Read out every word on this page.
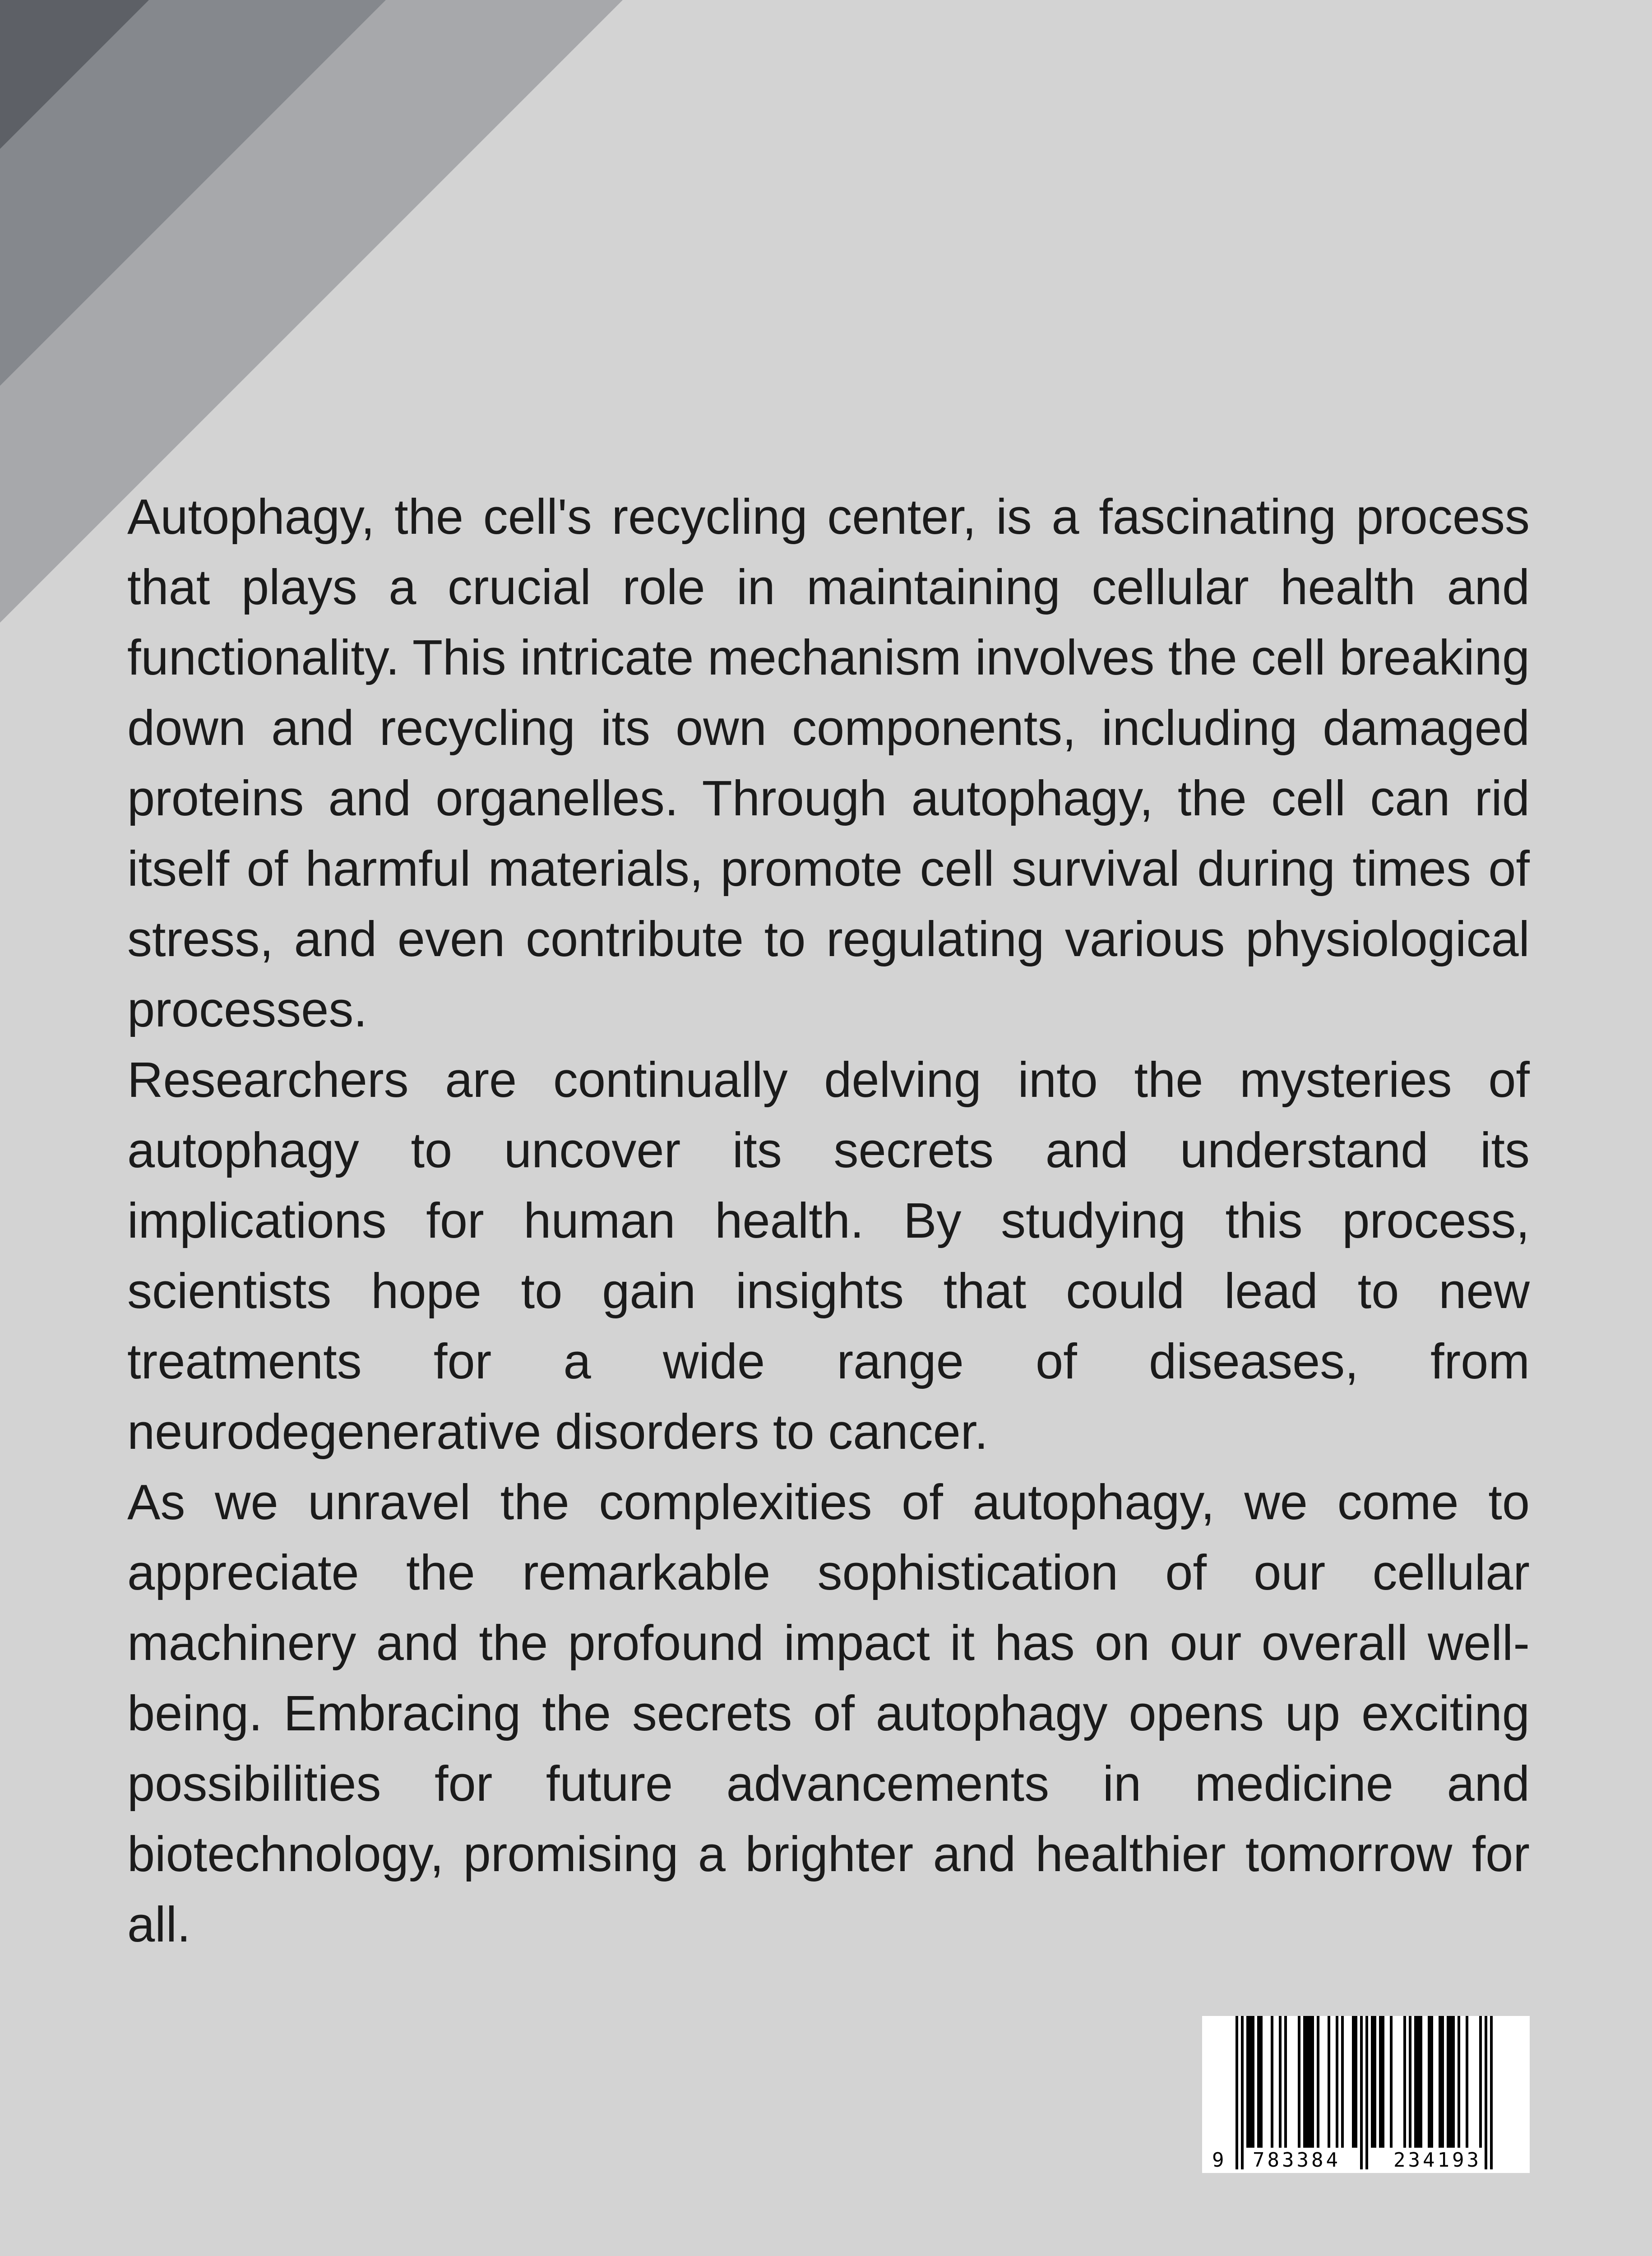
Autophagy, the cell's recycling center, is a fascinating process that plays a crucial role in maintaining cellular health and functionality. This intricate mechanism involves the cell breaking down and recycling its own components, including damaged proteins and organelles. Through autophagy, the cell can rid itself of harmful materials, promote cell survival during times of stress, and even contribute to regulating various physiological processes.

Researchers are continually delving into the mysteries of autophagy to uncover its secrets and understand its implications for human health. By studying this process, scientists hope to gain insights that could lead to new treatments for a wide range of diseases, from neurodegenerative disorders to cancer.

As we unravel the complexities of autophagy, we come to appreciate the remarkable sophistication of our cellular machinery and the profound impact it has on our overall well-being. Embracing the secrets of autophagy opens up exciting possibilities for future advancements in medicine and biotechnology, promising a brighter and healthier tomorrow for all.

9 783384	234193
